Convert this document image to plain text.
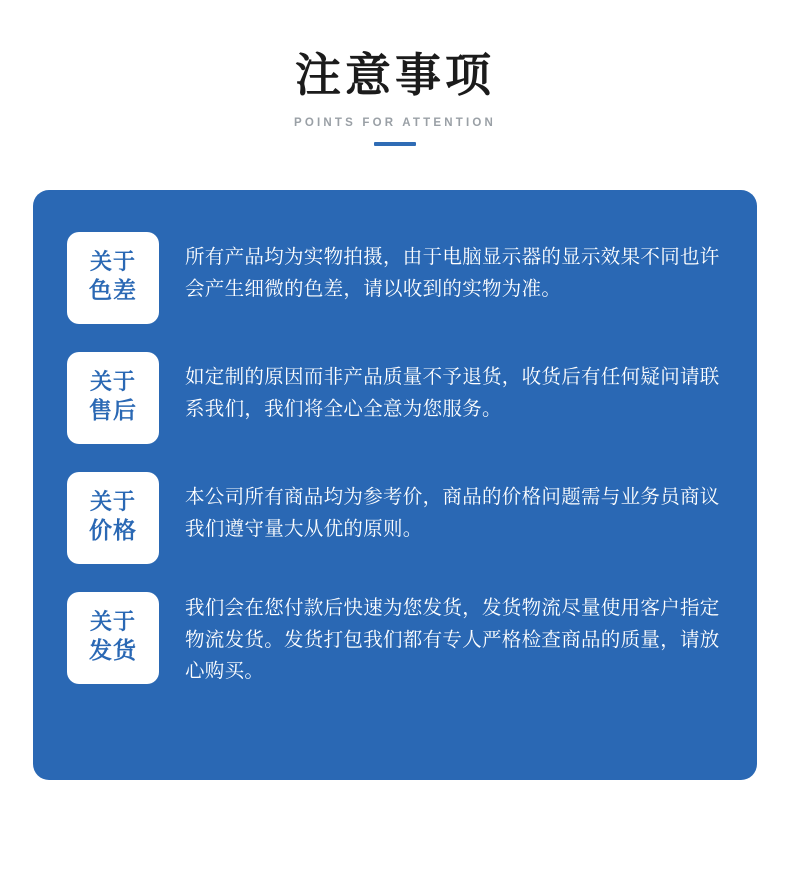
注意事项
POINTS FOR ATTENTION
关于
色差
所有产品均为实物拍摄，由于电脑显示器的显示效果不同也许会产生细微的色差，请以收到的实物为准。
关于
售后
如定制的原因而非产品质量不予退货，收货后有任何疑问请联系我们，我们将全心全意为您服务。
关于
价格
本公司所有商品均为参考价，商品的价格问题需与业务员商议我们遵守量大从优的原则。
关于
发货
我们会在您付款后快速为您发货，发货物流尽量使用客户指定物流发货。发货打包我们都有专人严格检查商品的质量，请放心购买。
